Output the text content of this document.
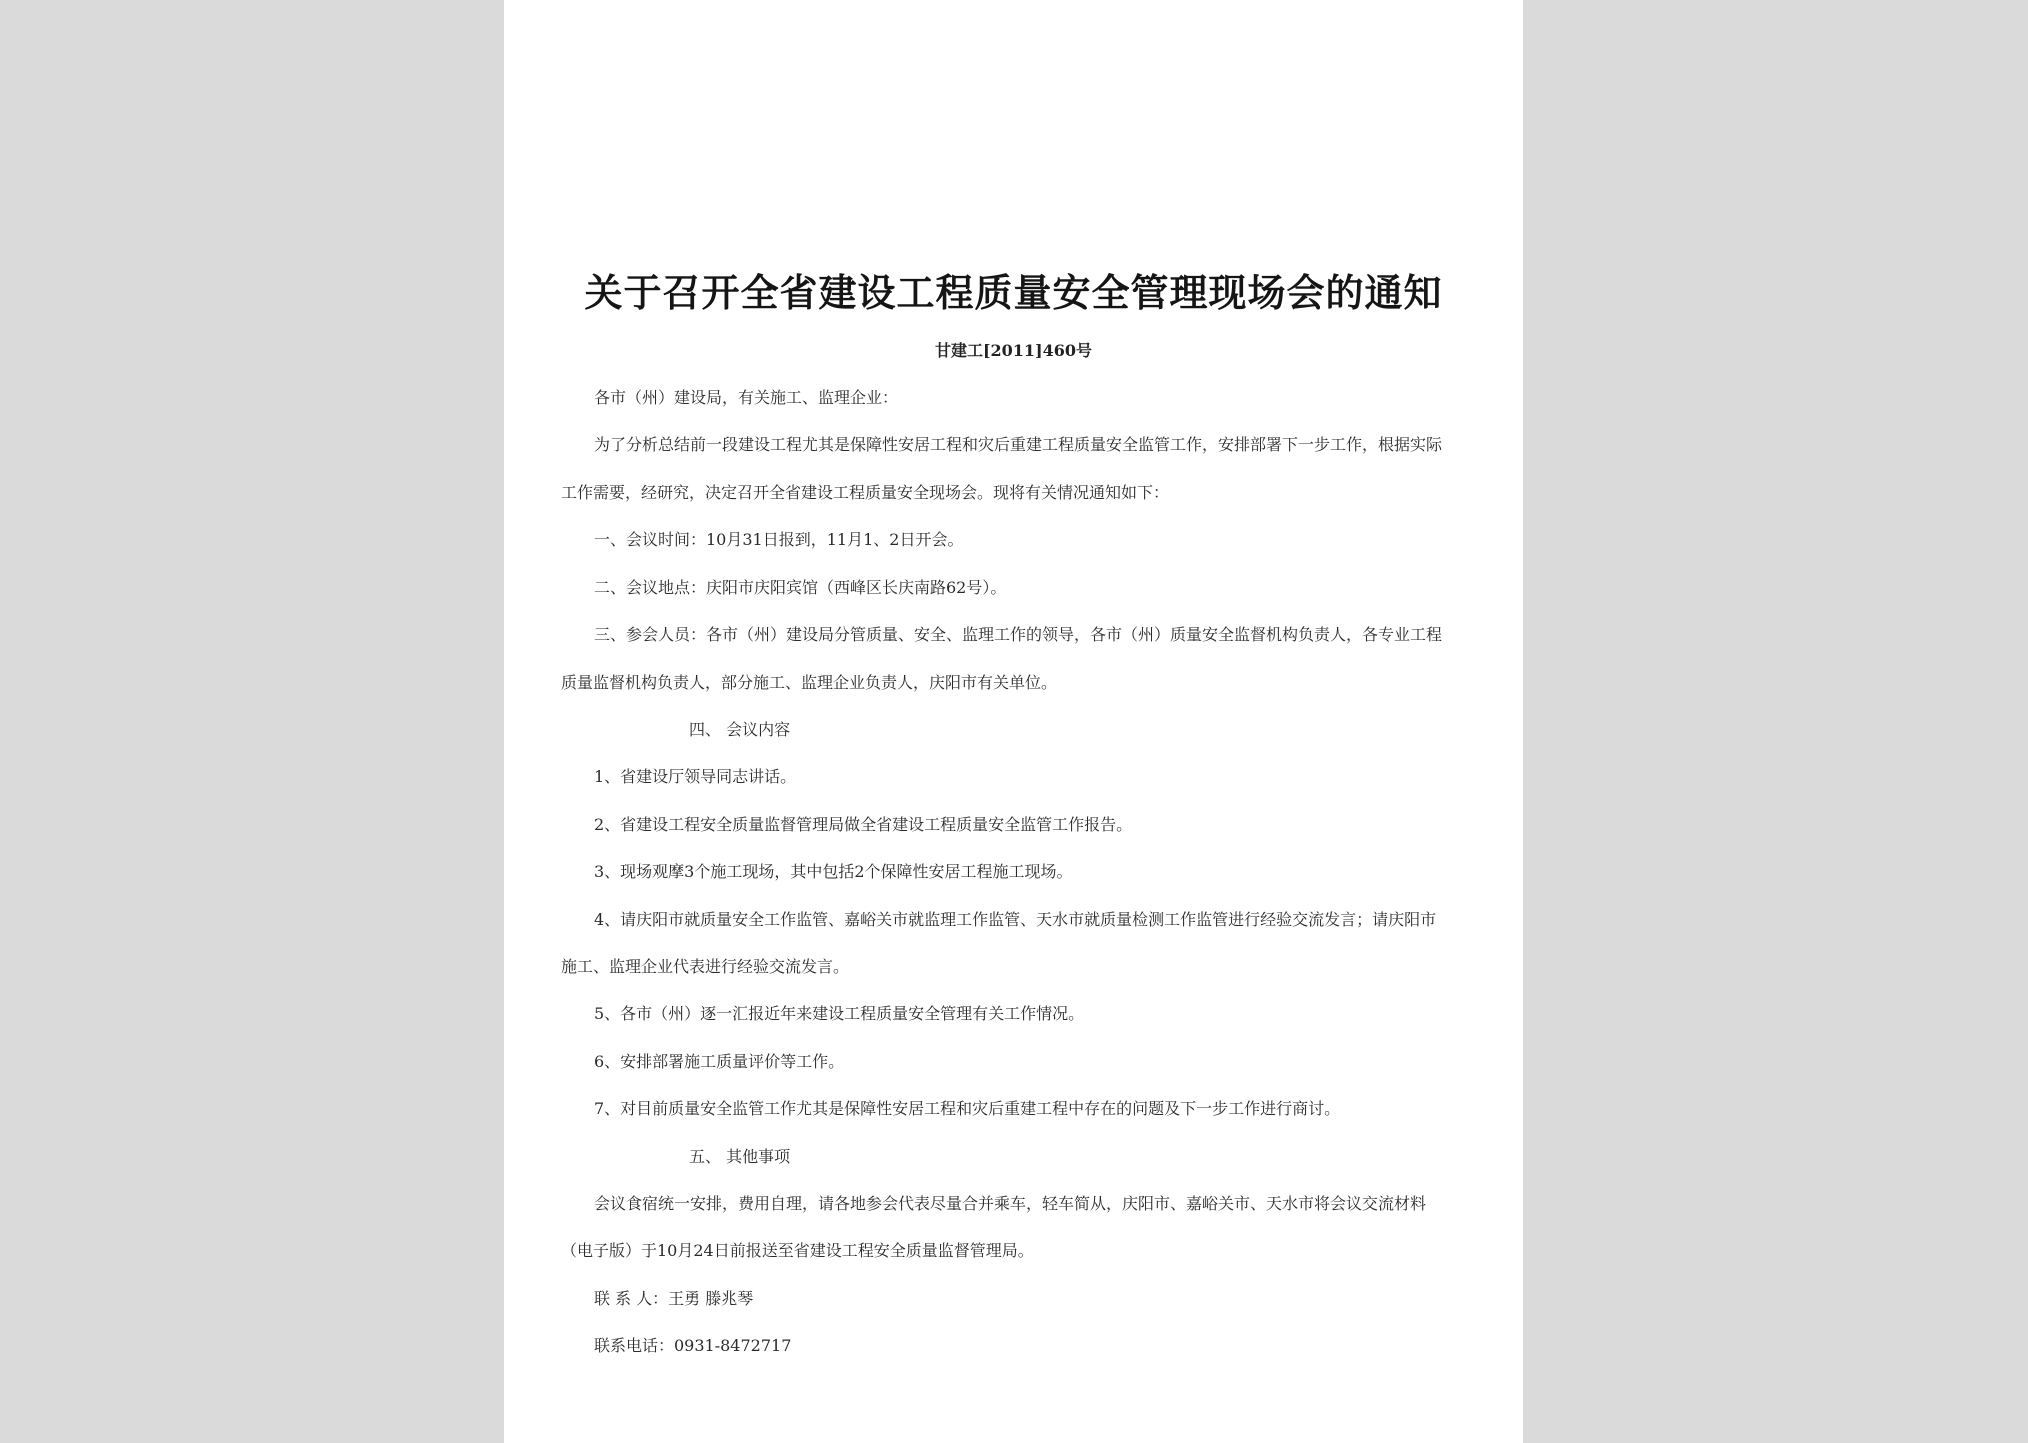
关于召开全省建设工程质量安全管理现场会的通知
甘建工[2011]460号
各市（州）建设局，有关施工、监理企业：
为了分析总结前一段建设工程尤其是保障性安居工程和灾后重建工程质量安全监管工作，安排部署下一步工作，根据实际
工作需要，经研究，决定召开全省建设工程质量安全现场会。现将有关情况通知如下：
一、会议时间：10月31日报到，11月1、2日开会。
二、会议地点：庆阳市庆阳宾馆（西峰区长庆南路62号）。
三、参会人员：各市（州）建设局分管质量、安全、监理工作的领导，各市（州）质量安全监督机构负责人，各专业工程
质量监督机构负责人，部分施工、监理企业负责人，庆阳市有关单位。
四、 会议内容
1、省建设厅领导同志讲话。
2、省建设工程安全质量监督管理局做全省建设工程质量安全监管工作报告。
3、现场观摩3个施工现场，其中包括2个保障性安居工程施工现场。
4、请庆阳市就质量安全工作监管、嘉峪关市就监理工作监管、天水市就质量检测工作监管进行经验交流发言；请庆阳市
施工、监理企业代表进行经验交流发言。
5、各市（州）逐一汇报近年来建设工程质量安全管理有关工作情况。
6、安排部署施工质量评价等工作。
7、对目前质量安全监管工作尤其是保障性安居工程和灾后重建工程中存在的问题及下一步工作进行商讨。
五、 其他事项
会议食宿统一安排，费用自理，请各地参会代表尽量合并乘车，轻车简从，庆阳市、嘉峪关市、天水市将会议交流材料
（电子版）于10月24日前报送至省建设工程安全质量监督管理局。
联 系 人：王勇 滕兆琴
联系电话：0931-8472717
